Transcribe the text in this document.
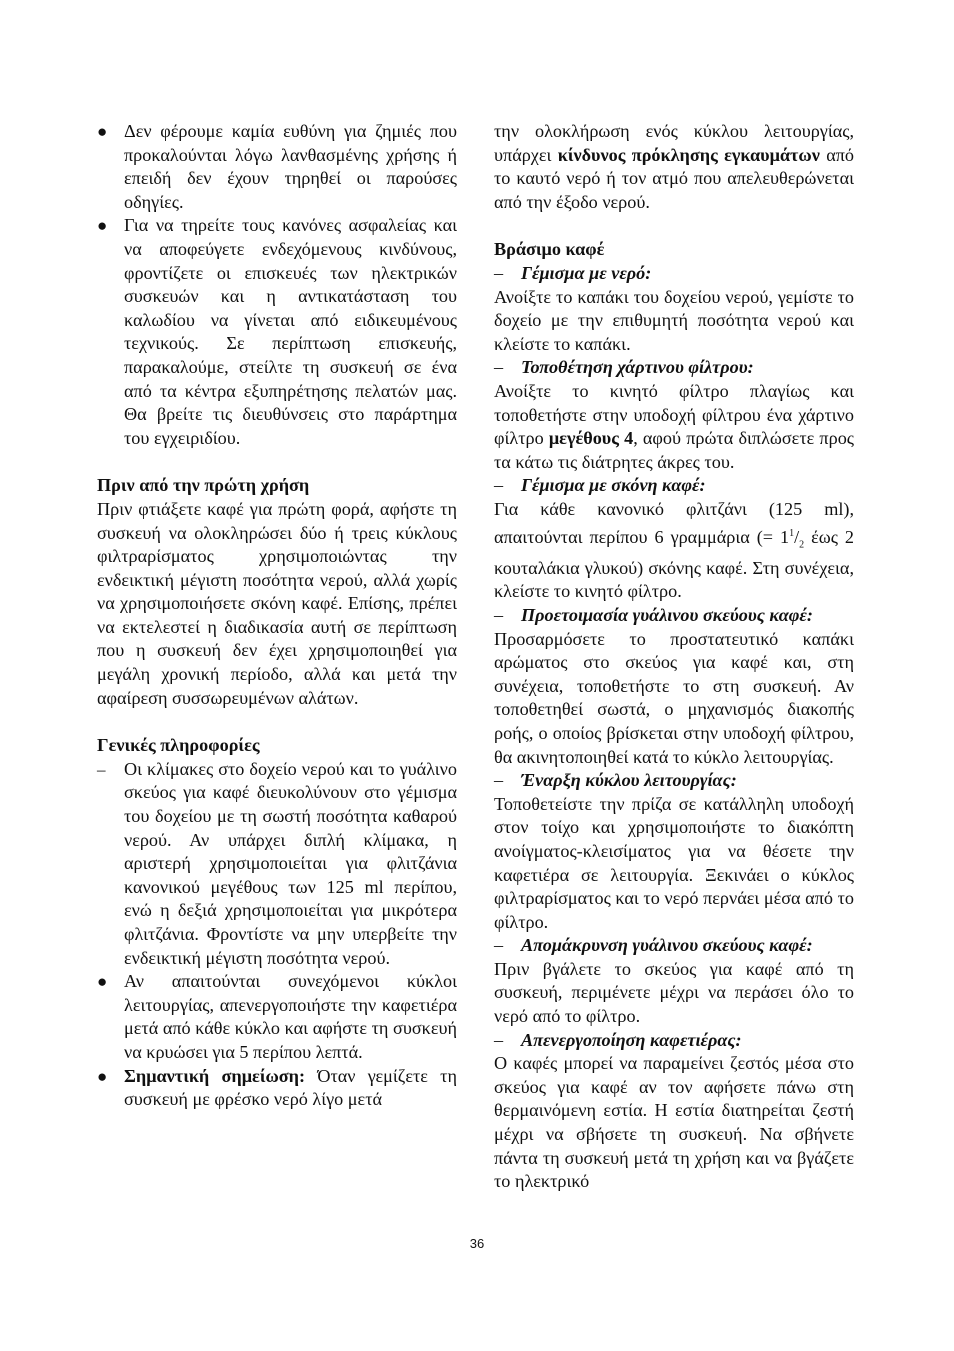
● Δεν φέρουμε καμία ευθύνη για ζημιές που προκαλούνται λόγω λανθασμένης χρήσης ή επειδή δεν έχουν τηρηθεί οι παρούσες οδηγίες.
● Για να τηρείτε τους κανόνες ασφαλείας και να αποφεύγετε ενδεχόμενους κινδύνους, φροντίζετε οι επισκευές των ηλεκτρικών συσκευών και η αντικατάσταση του καλωδίου να γίνεται από ειδικευμένους τεχνικούς. Σε περίπτωση επισκευής, παρακαλούμε, στείλτε τη συσκευή σε ένα από τα κέντρα εξυπηρέτησης πελατών μας. Θα βρείτε τις διευθύνσεις στο παράρτημα του εγχειριδίου.

Πριν από την πρώτη χρήση

Πριν φτιάξετε καφέ για πρώτη φορά, αφήστε τη συσκευή να ολοκληρώσει δύο ή τρεις κύκλους φιλτραρίσματος χρησιμοποιώντας την ενδεικτική μέγιστη ποσότητα νερού, αλλά χωρίς να χρησιμοποιήσετε σκόνη καφέ. Επίσης, πρέπει να εκτελεστεί η διαδικασία αυτή σε περίπτωση που η συσκευή δεν έχει χρησιμοποιηθεί για μεγάλη χρονική περίοδο, αλλά και μετά την αφαίρεση συσσωρευμένων αλάτων.

Γενικές πληροφορίες

–	Οι κλίμακες στο δοχείο νερού και το γυάλινο σκεύος για καφέ διευκολύνουν στο γέμισμα του δοχείου με τη σωστή ποσότητα καθαρού νερού. Αν υπάρχει διπλή κλίμακα, η αριστερή χρησιμοποιείται για φλιτζάνια κανονικού μεγέθους των 125 ml περίπου, ενώ η δεξιά χρησιμοποιείται για μικρότερα φλιτζάνια. Φροντίστε να μην υπερβείτε την ενδεικτική μέγιστη ποσότητα νερού.
● Αν απαιτούνται συνεχόμενοι κύκλοι λειτουργίας, απενεργοποιήστε την καφετιέρα μετά από κάθε κύκλο και αφήστε τη συσκευή να κρυώσει για 5 περίπου λεπτά.
● Σημαντική σημείωση: Όταν γεμίζετε τη συσκευή με φρέσκο νερό λίγο μετά

την ολοκλήρωση ενός κύκλου λειτουργίας, υπάρχει κίνδυνος πρόκλησης εγκαυμάτων από το καυτό νερό ή τον ατμό που απελευθερώνεται από την έξοδο νερού.

Βράσιμο καφέ

– Γέμισμα με νερό:

Ανοίξτε το καπάκι του δοχείου νερού, γεμίστε το δοχείο με την επιθυμητή ποσότητα νερού και κλείστε το καπάκι.

– Τοποθέτηση χάρτινου φίλτρου:

Ανοίξτε το κινητό φίλτρο πλαγίως και τοποθετήστε στην υποδοχή φίλτρου ένα χάρτινο φίλτρο μεγέθους 4, αφού πρώτα διπλώσετε προς τα κάτω τις διάτρητες άκρες του.

– Γέμισμα με σκόνη καφέ:

Για κάθε κανονικό φλιτζάνι (125 ml), απαιτούνται περίπου 6 γραμμάρια (= $1^1/_2$ έως 2 κουταλάκια γλυκού) σκόνης καφέ. Στη συνέχεια, κλείστε το κινητό φίλτρο.

– Προετοιμασία γυάλινου σκεύους καφέ:

Προσαρμόσετε το προστατευτικό καπάκι αρώματος στο σκεύος για καφέ και, στη συνέχεια, τοποθετήστε το στη συσκευή. Αν τοποθετηθεί σωστά, ο μηχανισμός διακοπής ροής, ο οποίος βρίσκεται στην υποδοχή φίλτρου, θα ακινητοποιηθεί κατά το κύκλο λειτουργίας.

– Έναρξη κύκλου λειτουργίας:

Τοποθετείστε την πρίζα σε κατάλληλη υποδοχή στον τοίχο και χρησιμοποιήστε το διακόπτη ανοίγματος-κλεισίματος για να θέσετε την καφετιέρα σε λειτουργία. Ξεκινάει ο κύκλος φιλτραρίσματος και το νερό περνάει μέσα από το φίλτρο.

– Απομάκρυνση γυάλινου σκεύους καφέ:

Πριν βγάλετε το σκεύος για καφέ από τη συσκευή, περιμένετε μέχρι να περάσει όλο το νερό από το φίλτρο.

– Απενεργοποίηση καφετιέρας:

Ο καφές μπορεί να παραμείνει ζεστός μέσα στο σκεύος για καφέ αν τον αφήσετε πάνω στη θερμαινόμενη εστία. Η εστία διατηρείται ζεστή μέχρι να σβήσετε τη συσκευή. Να σβήνετε πάντα τη συσκευή μετά τη χρήση και να βγάζετε το ηλεκτρικό

36
